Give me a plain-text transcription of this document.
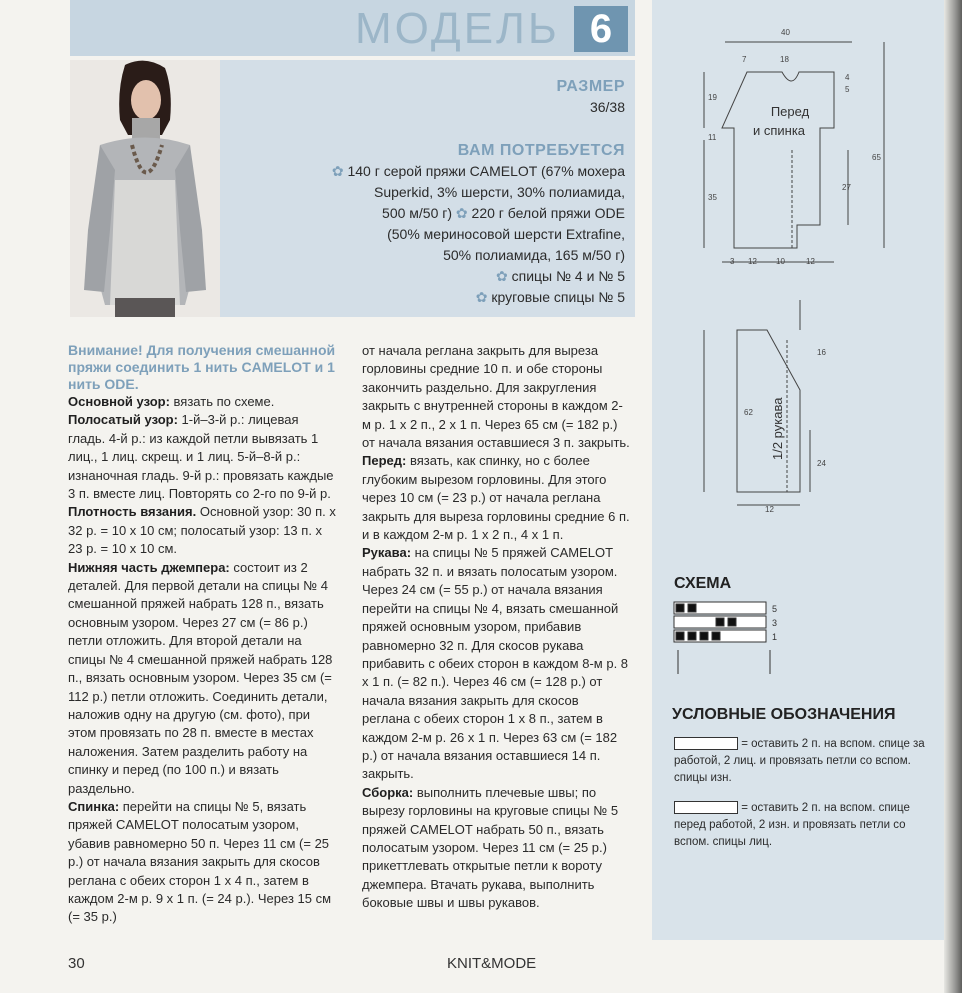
МОДЕЛЬ 6
РАЗМЕР
36/38
ВАМ ПОТРЕБУЕТСЯ
✿ 140 г серой пряжи CAMELOT (67% мохера
Superkid, 3% шерсти, 30% полиамида,
500 м/50 г) ✿ 220 г белой пряжи ODE
(50% мериносовой шерсти Extrafine,
50% полиамида, 165 м/50 г)
✿ спицы № 4 и № 5
✿ круговые спицы № 5

Внимание! Для получения смешанной пряжи соединить 1 нить CAMELOT и 1 нить ODE.

Основной узор: вязать по схеме.

Полосатый узор: 1-й–3-й р.: лицевая гладь. 4-й р.: из каждой петли вывязать 1 лиц., 1 лиц. скрещ. и 1 лиц. 5-й–8-й р.: изнаночная гладь. 9-й р.: провязать каждые 3 п. вместе лиц. Повторять со 2-го по 9-й р.

Плотность вязания. Основной узор: 30 п. х 32 р. = 10 х 10 см; полосатый узор: 13 п. х 23 р. = 10 х 10 см.

Нижняя часть джемпера: состоит из 2 деталей. Для первой детали на спицы № 4 смешанной пряжей набрать 128 п., вязать основным узором. Через 27 см (= 86 р.) петли отложить. Для второй детали на спицы № 4 смешанной пряжей набрать 128 п., вязать основным узором. Через 35 см (= 112 р.) петли отложить. Соединить детали, наложив одну на другую (см. фото), при этом провязать по 28 п. вместе в местах наложения. Затем разделить работу на спинку и перед (по 100 п.) и вязать раздельно.

Спинка: перейти на спицы № 5, вязать пряжей CAMELOT полосатым узором, убавив равномерно 50 п. Через 11 см (= 25 р.) от начала вязания закрыть для скосов реглана с обеих сторон 1 х 4 п., затем в каждом 2-м р. 9 х 1 п. (= 24 р.). Через 15 см (= 35 р.)

от начала реглана закрыть для выреза горловины средние 10 п. и обе стороны закончить раздельно. Для закругления закрыть с внутренней стороны в каждом 2-м р. 1 х 2 п., 2 х 1 п. Через 65 см (= 182 р.) от начала вязания оставшиеся 3 п. закрыть.

Перед: вязать, как спинку, но с более глубоким вырезом горловины. Для этого через 10 см (= 23 р.) от начала реглана закрыть для выреза горловины средние 6 п. и в каждом 2-м р. 1 х 2 п., 4 х 1 п.

Рукава: на спицы № 5 пряжей CAMELOT набрать 32 п. и вязать полосатым узором. Через 24 см (= 55 р.) от начала вязания перейти на спицы № 4, вязать смешанной пряжей основным узором, прибавив равномерно 32 п. Для скосов рукава прибавить с обеих сторон в каждом 8-м р. 8 х 1 п. (= 82 п.). Через 46 см (= 128 р.) от начала вязания закрыть для скосов реглана с обеих сторон 1 х 8 п., затем в каждом 2-м р. 26 х 1 п. Через 63 см (= 182 р.) от начала вязания оставшиеся 14 п. закрыть.

Сборка: выполнить плечевые швы; по вырезу горловины на круговые спицы № 5 пряжей CAMELOT набрать 50 п., вязать полосатым узором. Через 11 см (= 25 р.) прикеттлевать открытые петли к вороту джемпера. Втачать рукава, выполнить боковые швы и швы рукавов.

Перед
и спинка
40
7	18
4
5
19
11
65
27
35
3 12 10	12
16
62
24
12
1/2 рукава
СХЕМА
5
3
1
УСЛОВНЫЕ ОБОЗНАЧЕНИЯ
= оставить 2 п. на вспом. спице за работой, 2 лиц. и провязать петли со вспом. спицы изн.
= оставить 2 п. на вспом. спице перед работой, 2 изн. и провязать петли со вспом. спицы лиц.
30	KNIT&MODE
